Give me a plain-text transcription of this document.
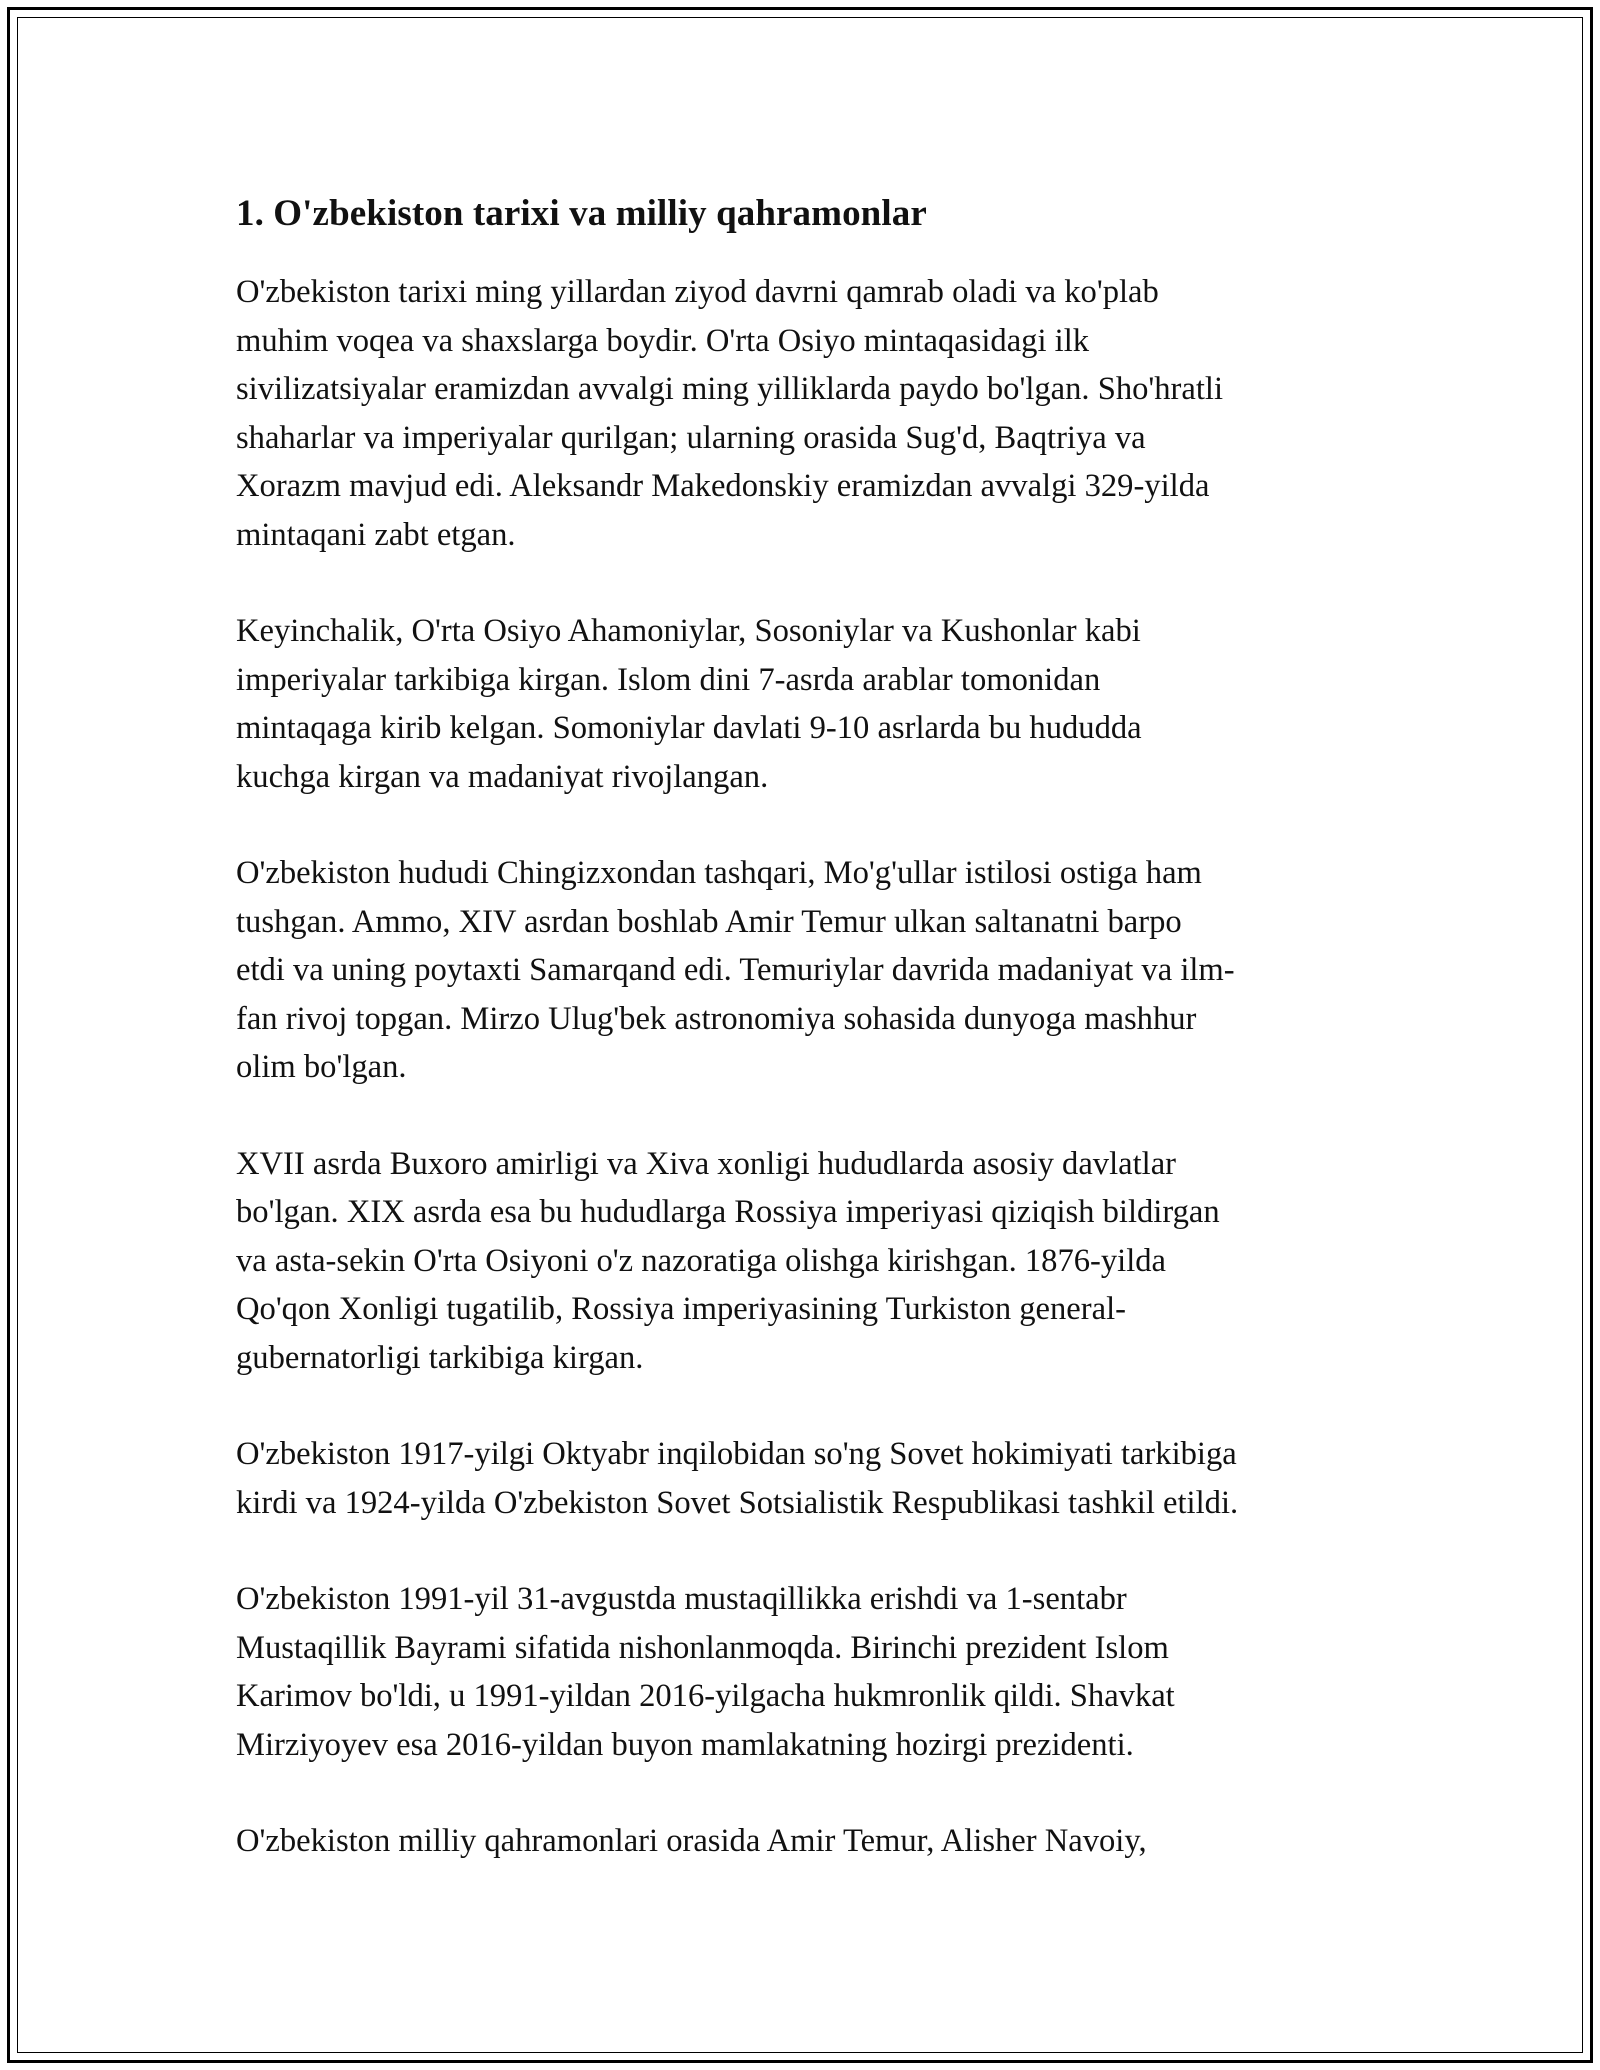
1. O'zbekiston tarixi va milliy qahramonlar

O'zbekiston tarixi ming yillardan ziyod davrni qamrab oladi va ko'plab
muhim voqea va shaxslarga boydir. O'rta Osiyo mintaqasidagi ilk
sivilizatsiyalar eramizdan avvalgi ming yilliklarda paydo bo'lgan. Sho'hratli
shaharlar va imperiyalar qurilgan; ularning orasida Sug'd, Baqtriya va
Xorazm mavjud edi. Aleksandr Makedonskiy eramizdan avvalgi 329-yilda
mintaqani zabt etgan.

Keyinchalik, O'rta Osiyo Ahamoniylar, Sosoniylar va Kushonlar kabi
imperiyalar tarkibiga kirgan. Islom dini 7-asrda arablar tomonidan
mintaqaga kirib kelgan. Somoniylar davlati 9-10 asrlarda bu hududda
kuchga kirgan va madaniyat rivojlangan.

O'zbekiston hududi Chingizxondan tashqari, Mo'g'ullar istilosi ostiga ham
tushgan. Ammo, XIV asrdan boshlab Amir Temur ulkan saltanatni barpo
etdi va uning poytaxti Samarqand edi. Temuriylar davrida madaniyat va ilm-
fan rivoj topgan. Mirzo Ulug'bek astronomiya sohasida dunyoga mashhur
olim bo'lgan.

XVII asrda Buxoro amirligi va Xiva xonligi hududlarda asosiy davlatlar
bo'lgan. XIX asrda esa bu hududlarga Rossiya imperiyasi qiziqish bildirgan
va asta-sekin O'rta Osiyoni o'z nazoratiga olishga kirishgan. 1876-yilda
Qo'qon Xonligi tugatilib, Rossiya imperiyasining Turkiston general-
gubernatorligi tarkibiga kirgan.

O'zbekiston 1917-yilgi Oktyabr inqilobidan so'ng Sovet hokimiyati tarkibiga
kirdi va 1924-yilda O'zbekiston Sovet Sotsialistik Respublikasi tashkil etildi.

O'zbekiston 1991-yil 31-avgustda mustaqillikka erishdi va 1-sentabr
Mustaqillik Bayrami sifatida nishonlanmoqda. Birinchi prezident Islom
Karimov bo'ldi, u 1991-yildan 2016-yilgacha hukmronlik qildi. Shavkat
Mirziyoyev esa 2016-yildan buyon mamlakatning hozirgi prezidenti.

O'zbekiston milliy qahramonlari orasida Amir Temur, Alisher Navoiy,
